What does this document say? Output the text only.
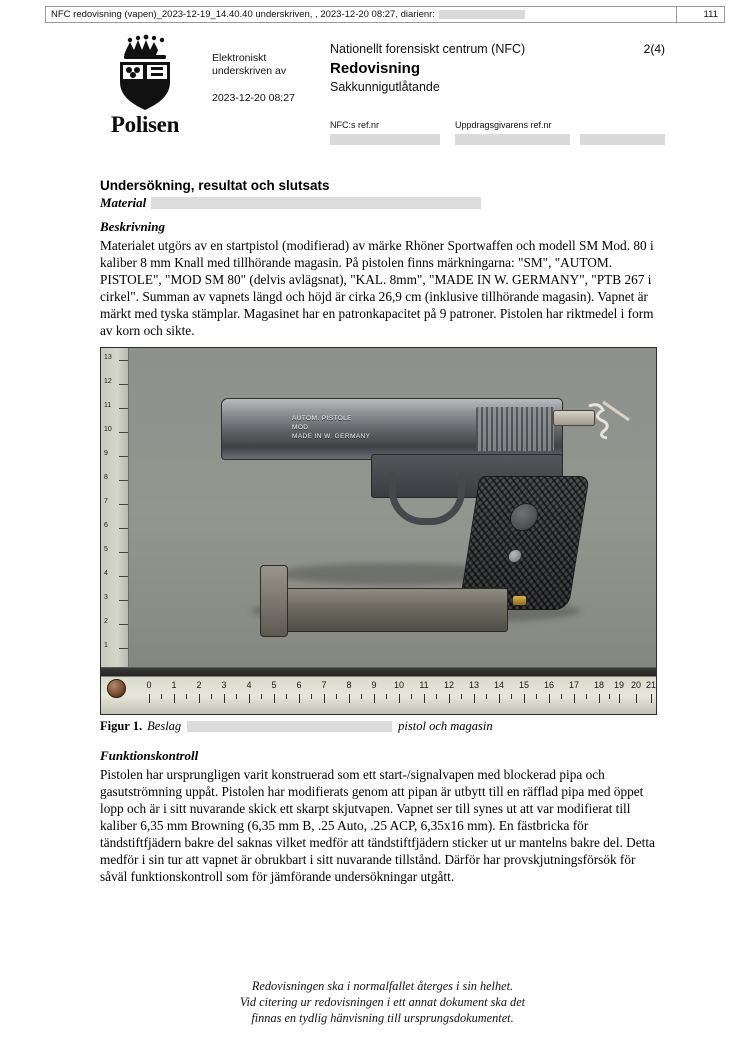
NFC redovisning (vapen)_2023-12-19_14.40.40 underskriven, , 2023-12-20 08:27, diarienr:	111
Polisen
Elektroniskt underskriven av
2023-12-20 08:27
Nationellt forensiskt centrum (NFC)
Redovisning
Sakkunnigutlåtande
2(4)
NFC:s ref.nr	Uppdragsgivarens ref.nr
Undersökning, resultat och slutsats
Material
Beskrivning

Materialet utgörs av en startpistol (modifierad) av märke Rhöner Sportwaffen och modell SM Mod. 80 i kaliber 8 mm Knall med tillhörande magasin. På pistolen finns märkningarna: "SM", "AUTOM. PISTOLE", "MOD SM 80" (delvis avlägsnat), "KAL. 8mm", "MADE IN W. GERMANY", "PTB 267 i cirkel". Summan av vapnets längd och höjd är cirka 26,9 cm (inklusive tillhörande magasin). Vapnet är märkt med tyska stämplar. Magasinet har en patronkapacitet på 9 patroner. Pistolen har riktmedel i form av korn och sikte.

13
12
11
10
9
8
7
6
5
4
3
2
1
AUTOM. PISTOLE
MOD
MADE IN W. GERMANY
0 1 2 3 4 5 6 7 8 9 10 11 12 13 14 15 16 17 18 19 20 21
Figur 1. Beslag	pistol och magasin
Funktionskontroll

Pistolen har ursprungligen varit konstruerad som ett start-/signalvapen med blockerad pipa och gasutströmning uppåt. Pistolen har modifierats genom att pipan är utbytt till en räfflad pipa med öppet lopp och är i sitt nuvarande skick ett skarpt skjutvapen. Vapnet ser till synes ut att var modifierat till kaliber 6,35 mm Browning (6,35 mm B, .25 Auto, .25 ACP, 6,35x16 mm). En fästbricka för tändstiftfjädern bakre del saknas vilket medför att tändstiftfjädern sticker ut ur mantelns bakre del. Detta medför i sin tur att vapnet är obrukbart i sitt nuvarande tillstånd. Därför har provskjutningsförsök för såväl funktionskontroll som för jämförande undersökningar utgått.

Redovisningen ska i normalfallet återges i sin helhet.
Vid citering ur redovisningen i ett annat dokument ska det
finnas en tydlig hänvisning till ursprungsdokumentet.
